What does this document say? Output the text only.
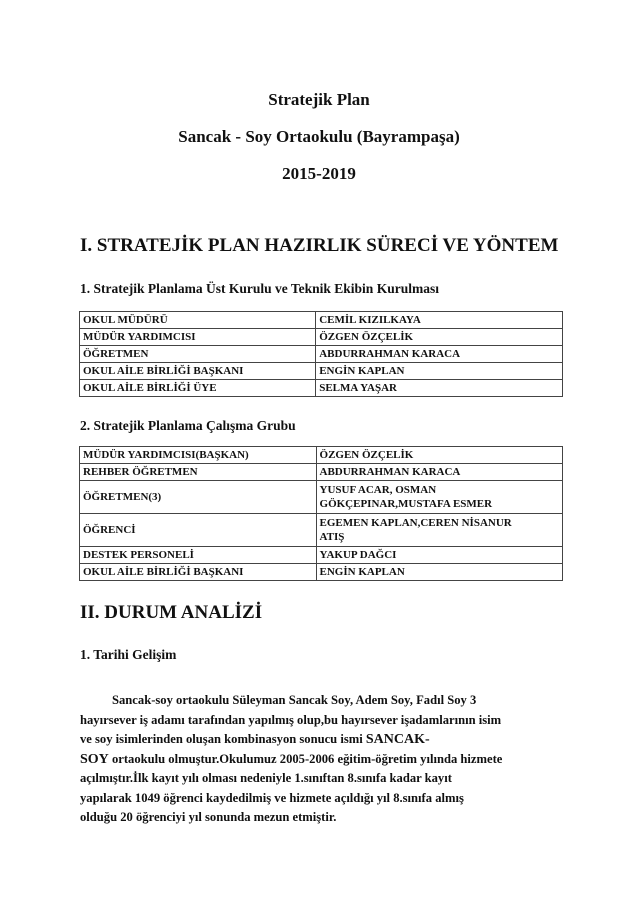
Stratejik Plan
Sancak - Soy Ortaokulu (Bayrampaşa)
2015-2019
I. STRATEJİK PLAN HAZIRLIK SÜRECİ VE YÖNTEM
1. Stratejik Planlama Üst Kurulu ve Teknik Ekibin Kurulması
OKUL MÜDÜRÜ	CEMİL KIZILKAYA
MÜDÜR YARDIMCISI	ÖZGEN ÖZÇELİK
ÖĞRETMEN	ABDURRAHMAN KARACA
OKUL AİLE BİRLİĞİ BAŞKANI	ENGİN KAPLAN
OKUL AİLE BİRLİĞİ ÜYE	SELMA YAŞAR
2. Stratejik Planlama Çalışma Grubu
MÜDÜR YARDIMCISI(BAŞKAN)	ÖZGEN ÖZÇELİK
REHBER ÖĞRETMEN	ABDURRAHMAN KARACA
ÖĞRETMEN(3)	YUSUF ACAR, OSMAN
GÖKÇEPINAR,MUSTAFA ESMER

ÖĞRENCİ	EGEMEN KAPLAN,CEREN NİSANUR
ATIŞ

DESTEK PERSONELİ	YAKUP DAĞCI
OKUL AİLE BİRLİĞİ BAŞKANI	ENGİN KAPLAN
II. DURUM ANALİZİ
1. Tarihi Gelişim
Sancak-soy ortaokulu Süleyman Sancak Soy, Adem Soy, Fadıl Soy 3
hayırsever iş adamı tarafından yapılmış olup,bu hayırsever işadamlarının isim
ve soy isimlerinden oluşan kombinasyon sonucu ismi SANCAK-
SOY ortaokulu olmuştur.Okulumuz 2005-2006 eğitim-öğretim yılında hizmete
açılmıştır.İlk kayıt yılı olması nedeniyle 1.sınıftan 8.sınıfa kadar kayıt
yapılarak 1049 öğrenci kaydedilmiş ve hizmete açıldığı yıl 8.sınıfa almış
olduğu 20 öğrenciyi yıl sonunda mezun etmiştir.
